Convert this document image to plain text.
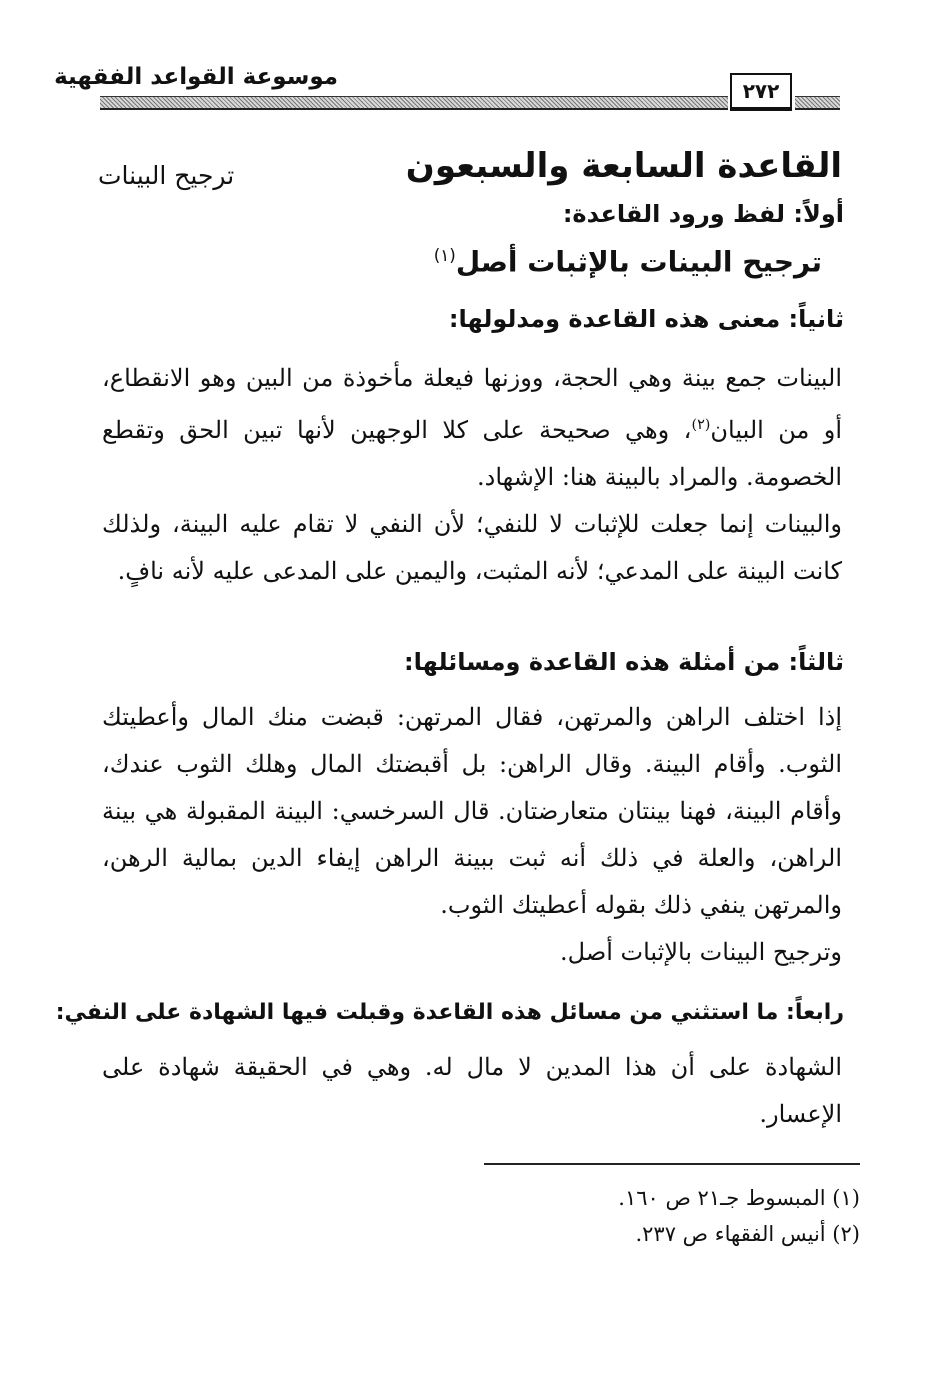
موسوعة القواعد الفقهية
٢٧٢
القاعدة السابعة والسبعون
ترجيح البينات
أولاً: لفظ ورود القاعدة:
ترجيح البينات بالإثبات أصل$^{(١)}$
ثانياً: معنى هذه القاعدة ومدلولها:

البينات جمع بينة وهي الحجة، ووزنها فيعلة مأخوذة من البين وهو الانقطاع، أو من البيان$^{(٢)}$، وهي صحيحة على كلا الوجهين لأنها تبين الحق وتقطع الخصومة. والمراد بالبينة هنا: الإشهاد.

والبينات إنما جعلت للإثبات لا للنفي؛ لأن النفي لا تقام عليه البينة، ولذلك كانت البينة على المدعي؛ لأنه المثبت، واليمين على المدعى عليه لأنه نافٍ.

ثالثاً: من أمثلة هذه القاعدة ومسائلها:

إذا اختلف الراهن والمرتهن، فقال المرتهن: قبضت منك المال وأعطيتك الثوب. وأقام البينة. وقال الراهن: بل أقبضتك المال وهلك الثوب عندك، وأقام البينة، فهنا بينتان متعارضتان. قال السرخسي: البينة المقبولة هي بينة الراهن، والعلة في ذلك أنه ثبت ببينة الراهن إيفاء الدين بمالية الرهن، والمرتهن ينفي ذلك بقوله أعطيتك الثوب.

وترجيح البينات بالإثبات أصل.

رابعاً: ما استثني من مسائل هذه القاعدة وقبلت فيها الشهادة على النفي:

الشهادة على أن هذا المدين لا مال له. وهي في الحقيقة شهادة على الإعسار.

(١) المبسوط جـ٢١ ص ١٦٠.
(٢) أنيس الفقهاء ص ٢٣٧.
